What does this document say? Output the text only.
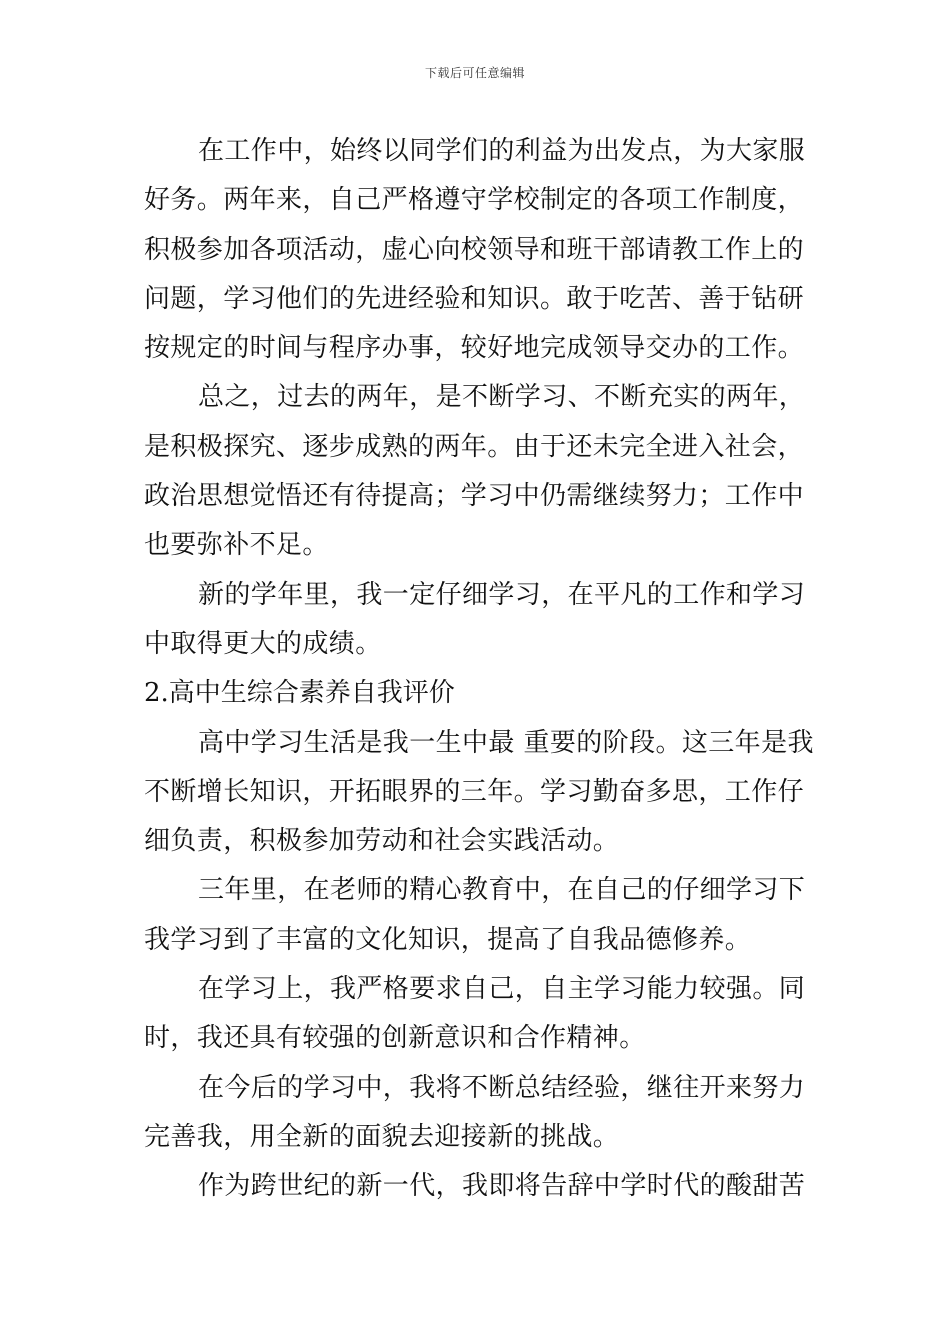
下载后可任意编辑
在工作中，始终以同学们的利益为出发点，为大家服
好务。两年来，自己严格遵守学校制定的各项工作制度，
积极参加各项活动，虚心向校领导和班干部请教工作上的
问题，学习他们的先进经验和知识。敢于吃苦、善于钻研
按规定的时间与程序办事，较好地完成领导交办的工作。
总之，过去的两年，是不断学习、不断充实的两年，
是积极探究、逐步成熟的两年。由于还未完全进入社会，
政治思想觉悟还有待提高；学习中仍需继续努力；工作中
也要弥补不足。
新的学年里，我一定仔细学习，在平凡的工作和学习
中取得更大的成绩。
2.高中生综合素养自我评价
高中学习生活是我一生中最 重要的阶段。这三年是我
不断增长知识，开拓眼界的三年。学习勤奋多思，工作仔
细负责，积极参加劳动和社会实践活动。
三年里，在老师的精心教育中，在自己的仔细学习下
我学习到了丰富的文化知识，提高了自我品德修养。
在学习上，我严格要求自己，自主学习能力较强。同
时，我还具有较强的创新意识和合作精神。
在今后的学习中，我将不断总结经验，继往开来努力
完善我，用全新的面貌去迎接新的挑战。
作为跨世纪的新一代，我即将告辞中学时代的酸甜苦
